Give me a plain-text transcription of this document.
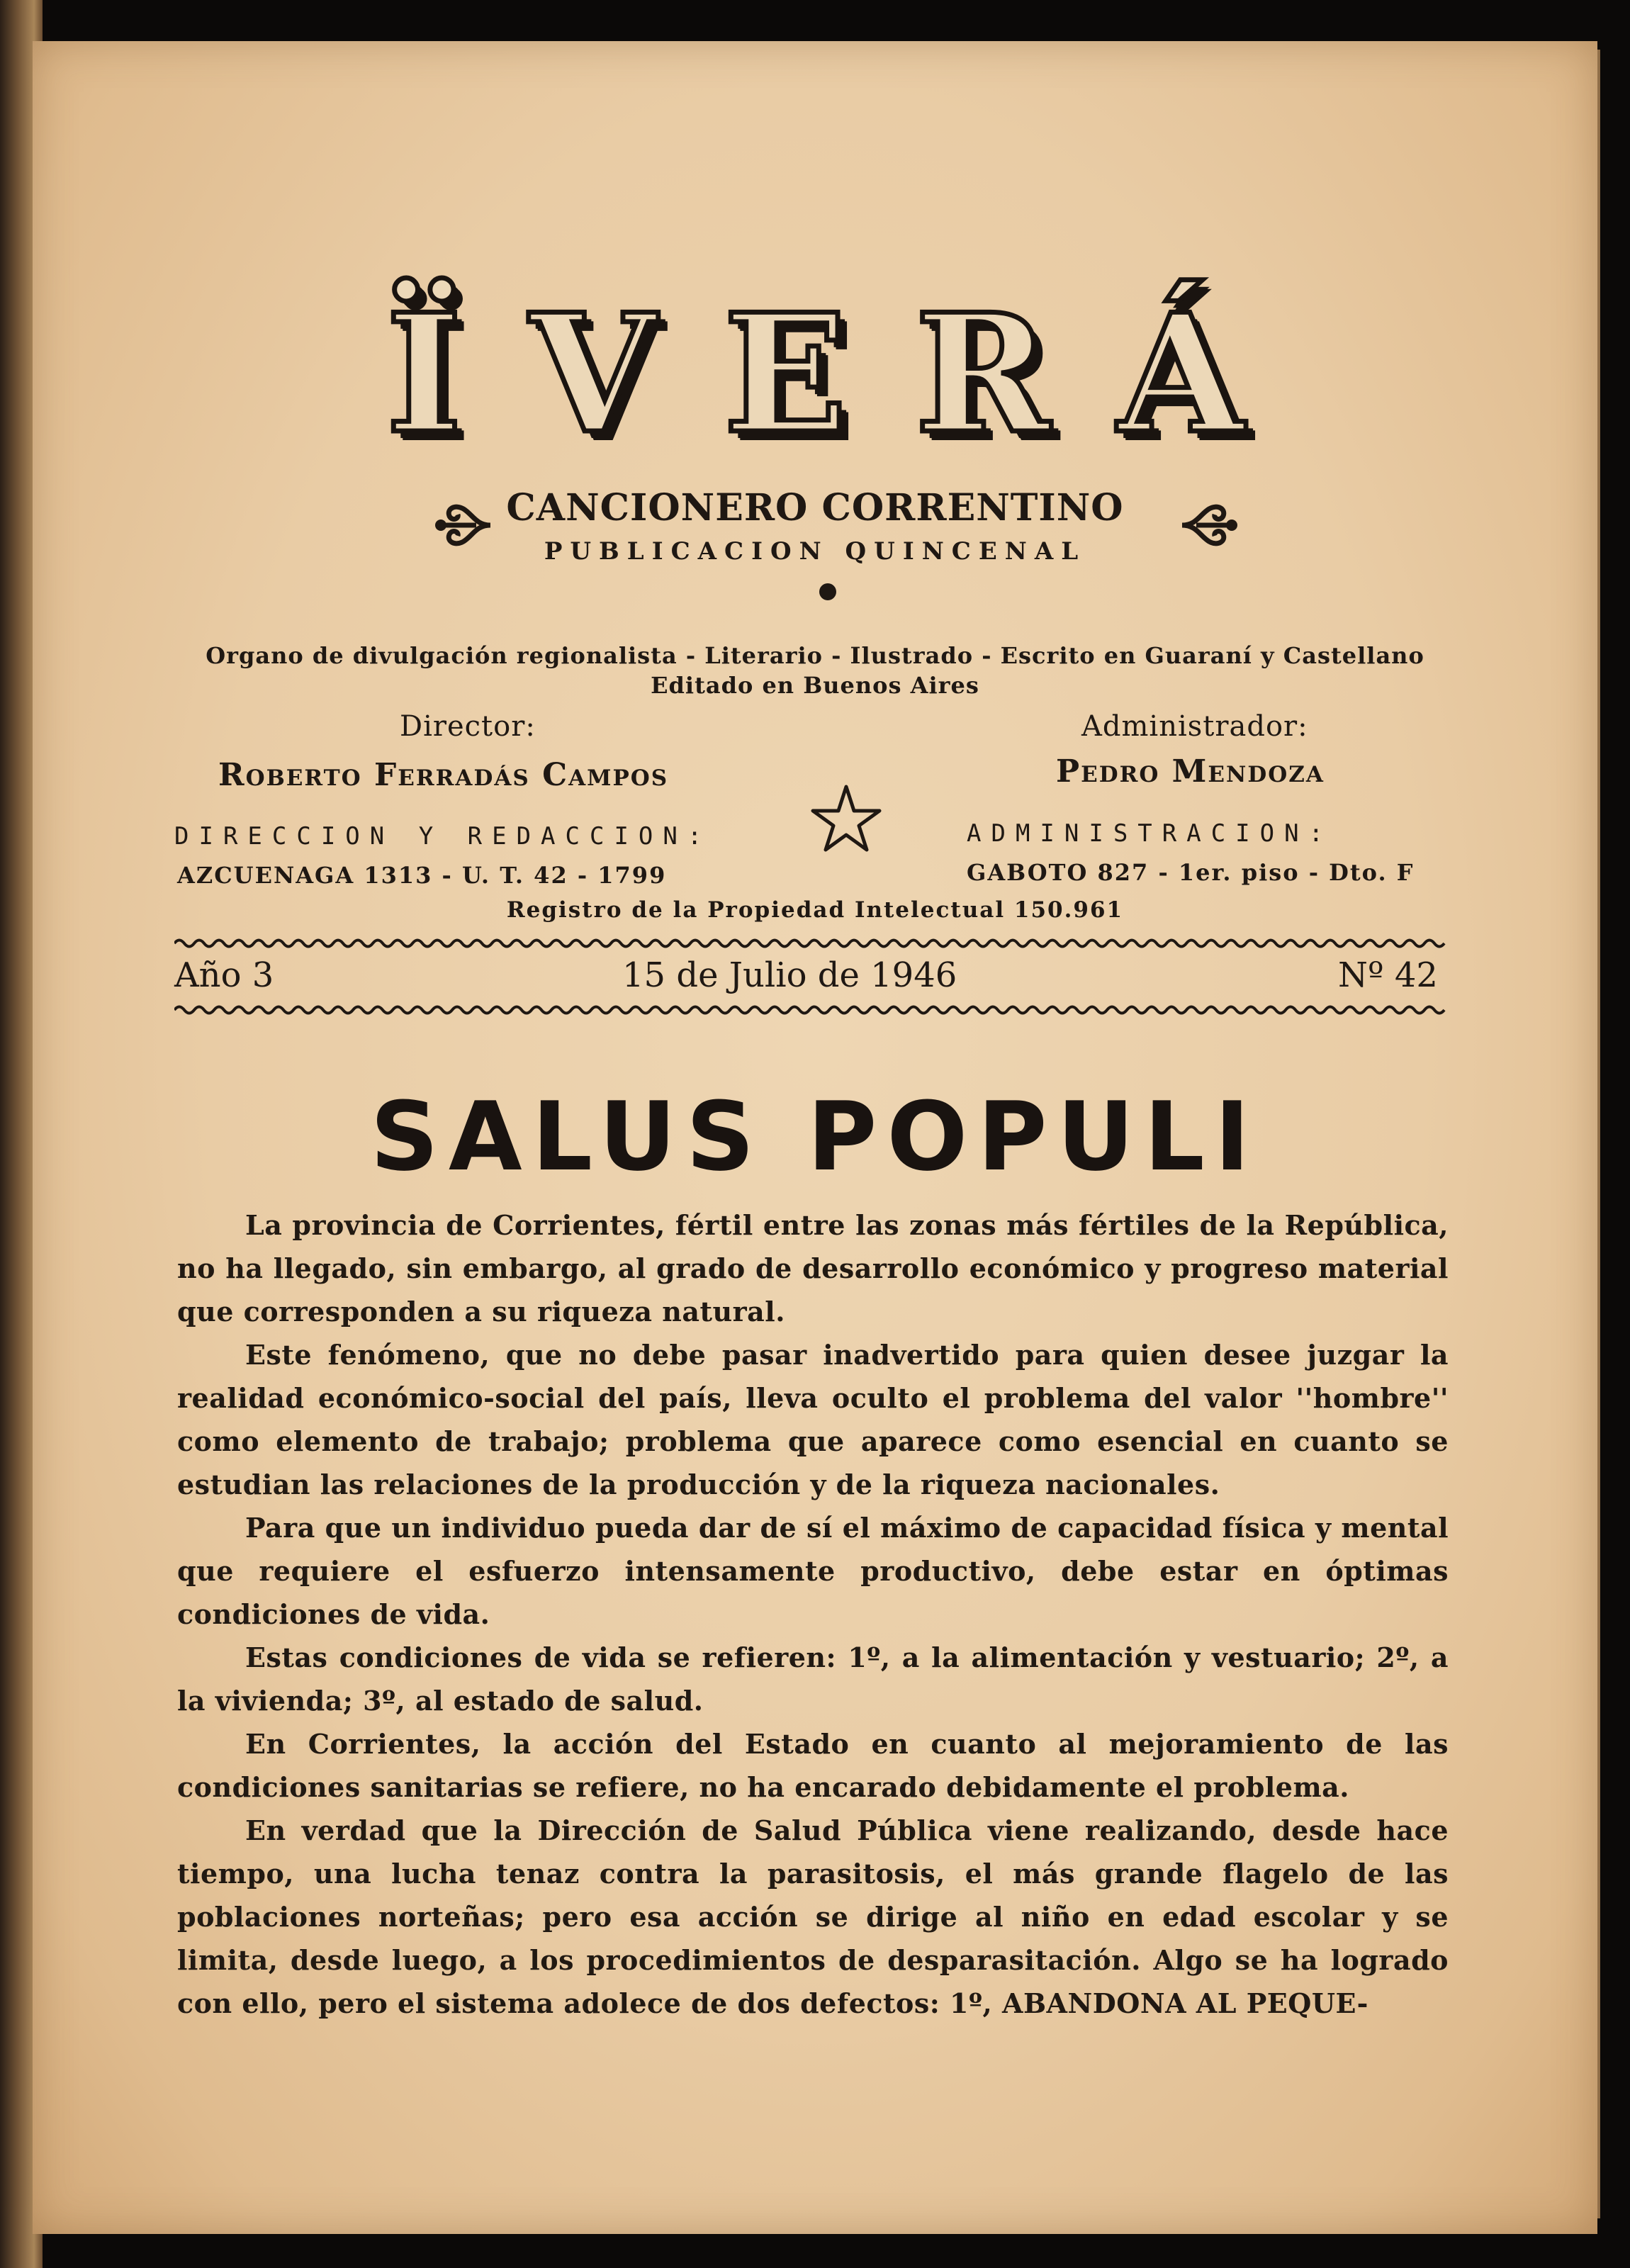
ÏVERÁ
CANCIONERO CORRENTINO
PUBLICACION QUINCENAL
Organo de divulgación regionalista - Literario - Ilustrado - Escrito en Guaraní y Castellano
Editado en Buenos Aires
Director:
Roberto Ferradás Campos
DIRECCION Y REDACCION:
AZCUENAGA 1313 - U. T. 42 - 1799
Administrador:
Pedro Mendoza
ADMINISTRACION:
GABOTO 827 - 1er. piso - Dto. F
Registro de la Propiedad Intelectual 150.961
Año 3	15 de Julio de 1946	Nº 42
SALUS POPULI

La provincia de Corrientes, fértil entre las zonas más fértiles de la República, no ha llegado, sin embargo, al grado de desarrollo económico y progreso material que corresponden a su riqueza natural.

Este fenómeno, que no debe pasar inadvertido para quien desee juzgar la realidad económico-social del país, lleva oculto el problema del valor ''hombre'' como elemento de trabajo; problema que aparece como esencial en cuanto se estudian las relaciones de la producción y de la riqueza nacionales.

Para que un individuo pueda dar de sí el máximo de capacidad física y mental que requiere el esfuerzo intensamente productivo, debe estar en óptimas condiciones de vida.

Estas condiciones de vida se refieren: 1º, a la alimentación y vestuario; 2º, a la vivienda; 3º, al estado de salud.

En Corrientes, la acción del Estado en cuanto al mejoramiento de las condiciones sanitarias se refiere, no ha encarado debidamente el problema.

En verdad que la Dirección de Salud Pública viene realizando, desde hace tiempo, una lucha tenaz contra la parasitosis, el más grande flagelo de las poblaciones norteñas; pero esa acción se dirige al niño en edad escolar y se limita, desde luego, a los procedimientos de desparasitación. Algo se ha logrado con ello, pero el sistema adolece de dos defectos: 1º, ABANDONA AL PEQUE-
